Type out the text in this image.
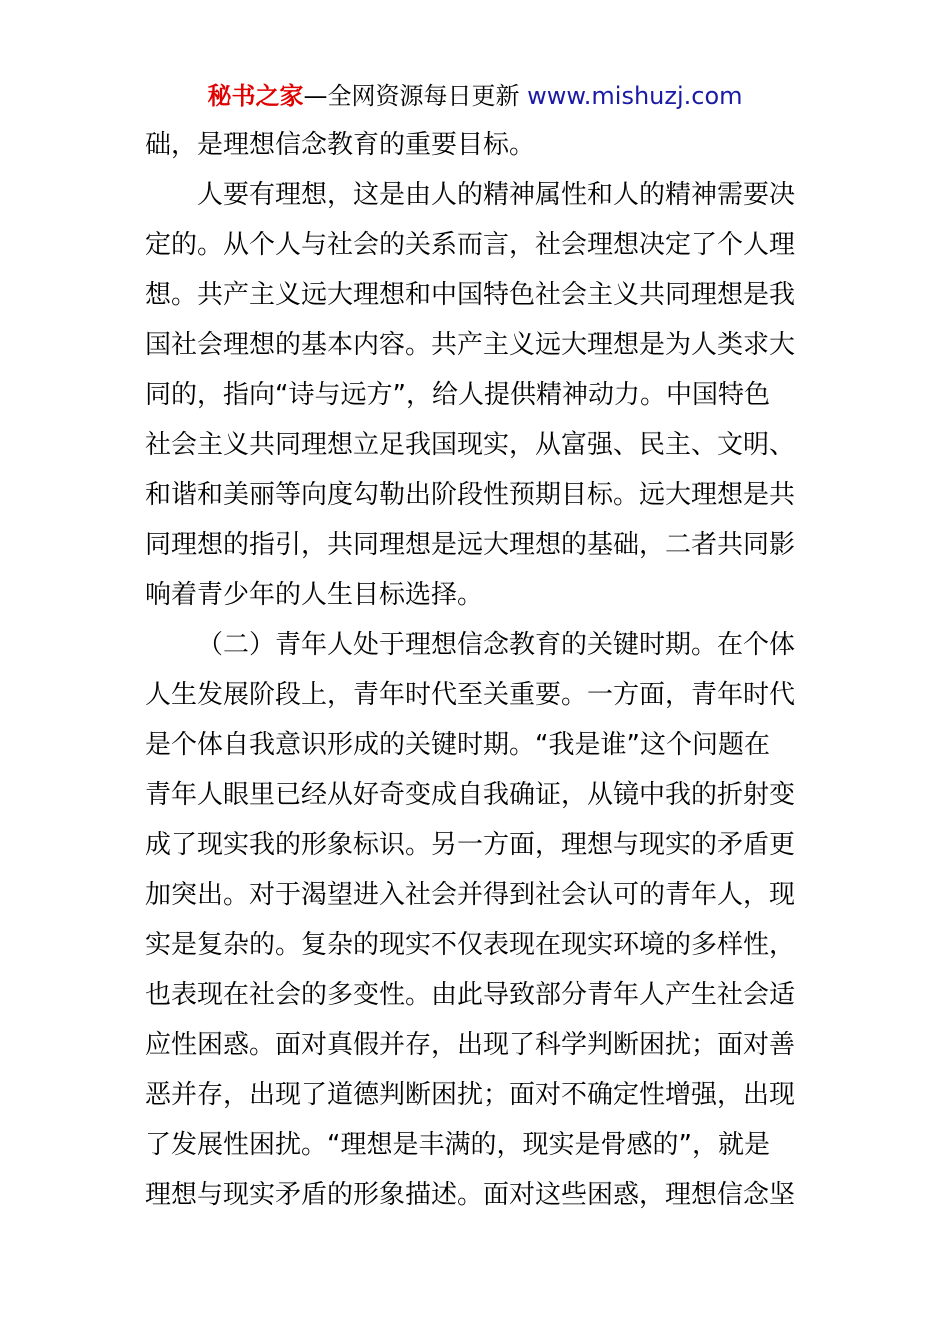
秘书之家—全网资源每日更新 www.mishuzj.com
础，是理想信念教育的重要目标。
人要有理想，这是由人的精神属性和人的精神需要决
定的。从个人与社会的关系而言，社会理想决定了个人理
想。共产主义远大理想和中国特色社会主义共同理想是我
国社会理想的基本内容。共产主义远大理想是为人类求大
同的，指向“诗与远方”，给人提供精神动力。中国特色
社会主义共同理想立足我国现实，从富强、民主、文明、
和谐和美丽等向度勾勒出阶段性预期目标。远大理想是共
同理想的指引，共同理想是远大理想的基础，二者共同影
响着青少年的人生目标选择。
（二）青年人处于理想信念教育的关键时期。在个体
人生发展阶段上，青年时代至关重要。一方面，青年时代
是个体自我意识形成的关键时期。“我是谁”这个问题在
青年人眼里已经从好奇变成自我确证，从镜中我的折射变
成了现实我的形象标识。另一方面，理想与现实的矛盾更
加突出。对于渴望进入社会并得到社会认可的青年人，现
实是复杂的。复杂的现实不仅表现在现实环境的多样性，
也表现在社会的多变性。由此导致部分青年人产生社会适
应性困惑。面对真假并存，出现了科学判断困扰；面对善
恶并存，出现了道德判断困扰；面对不确定性增强，出现
了发展性困扰。“理想是丰满的，现实是骨感的”，就是
理想与现实矛盾的形象描述。面对这些困惑，理想信念坚
